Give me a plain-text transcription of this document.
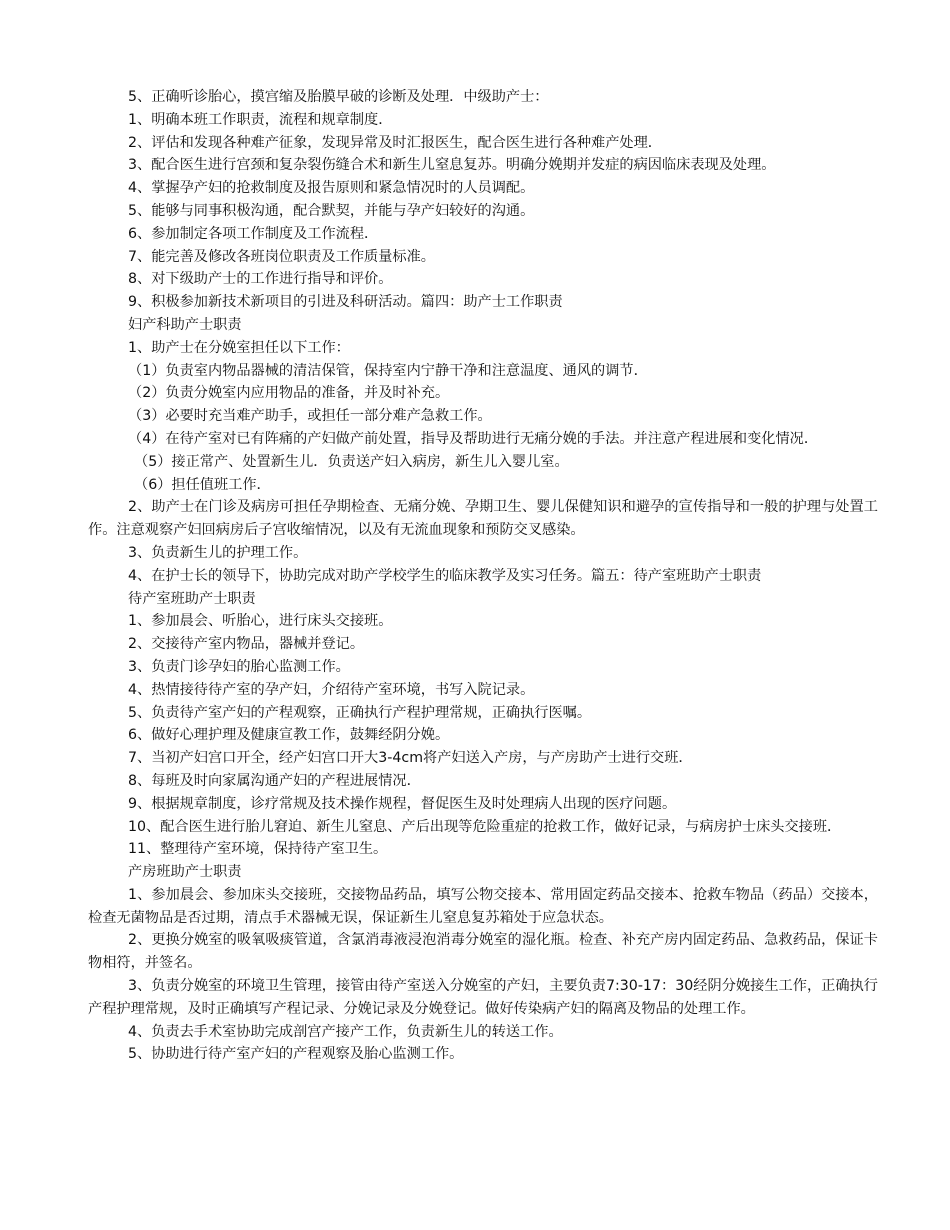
5、正确听诊胎心，摸宫缩及胎膜早破的诊断及处理．中级助产士：
1、明确本班工作职责，流程和规章制度．
2、评估和发现各种难产征象，发现异常及时汇报医生，配合医生进行各种难产处理．
3、配合医生进行宫颈和复杂裂伤缝合术和新生儿窒息复苏。明确分娩期并发症的病因临床表现及处理。
4、掌握孕产妇的抢救制度及报告原则和紧急情况时的人员调配。
5、能够与同事积极沟通，配合默契，并能与孕产妇较好的沟通。
6、参加制定各项工作制度及工作流程．
7、能完善及修改各班岗位职责及工作质量标准。
8、对下级助产士的工作进行指导和评价。
9、积极参加新技术新项目的引进及科研活动。篇四：助产士工作职责
妇产科助产士职责
1、助产士在分娩室担任以下工作：
（1）负责室内物品器械的清洁保管，保持室内宁静干净和注意温度、通风的调节．
（2）负责分娩室内应用物品的准备，并及时补充。
（3）必要时充当难产助手，或担任一部分难产急救工作。
（4）在待产室对已有阵痛的产妇做产前处置，指导及帮助进行无痛分娩的手法。并注意产程进展和变化情况．
（5）接正常产、处置新生儿．负责送产妇入病房，新生儿入婴儿室。
（6）担任值班工作．
2、助产士在门诊及病房可担任孕期检查、无痛分娩、孕期卫生、婴儿保健知识和避孕的宣传指导和一般的护理与处置工作。注意观察产妇回病房后子宫收缩情况，以及有无流血现象和预防交叉感染。
3、负责新生儿的护理工作。
4、在护士长的领导下，协助完成对助产学校学生的临床教学及实习任务。篇五：待产室班助产士职责
待产室班助产士职责
1、参加晨会、听胎心，进行床头交接班。
2、交接待产室内物品，器械并登记。
3、负责门诊孕妇的胎心监测工作。
4、热情接待待产室的孕产妇，介绍待产室环境，书写入院记录。
5、负责待产室产妇的产程观察，正确执行产程护理常规，正确执行医嘱。
6、做好心理护理及健康宣教工作，鼓舞经阴分娩。
7、当初产妇宫口开全，经产妇宫口开大3-4cm将产妇送入产房，与产房助产士进行交班．
8、每班及时向家属沟通产妇的产程进展情况．
9、根据规章制度，诊疗常规及技术操作规程，督促医生及时处理病人出现的医疗问题。
10、配合医生进行胎儿窘迫、新生儿窒息、产后出现等危险重症的抢救工作，做好记录，与病房护士床头交接班．
11、整理待产室环境，保持待产室卫生。
产房班助产士职责
1、参加晨会、参加床头交接班，交接物品药品，填写公物交接本、常用固定药品交接本、抢救车物品（药品）交接本，检查无菌物品是否过期，清点手术器械无误，保证新生儿窒息复苏箱处于应急状态。
2、更换分娩室的吸氧吸痰管道，含氯消毒液浸泡消毒分娩室的湿化瓶。检查、补充产房内固定药品、急救药品，保证卡物相符，并签名。
3、负责分娩室的环境卫生管理，接管由待产室送入分娩室的产妇，主要负责7:30-17：30经阴分娩接生工作，正确执行产程护理常规，及时正确填写产程记录、分娩记录及分娩登记。做好传染病产妇的隔离及物品的处理工作。
4、负责去手术室协助完成剖宫产接产工作，负责新生儿的转送工作。
5、协助进行待产室产妇的产程观察及胎心监测工作。
